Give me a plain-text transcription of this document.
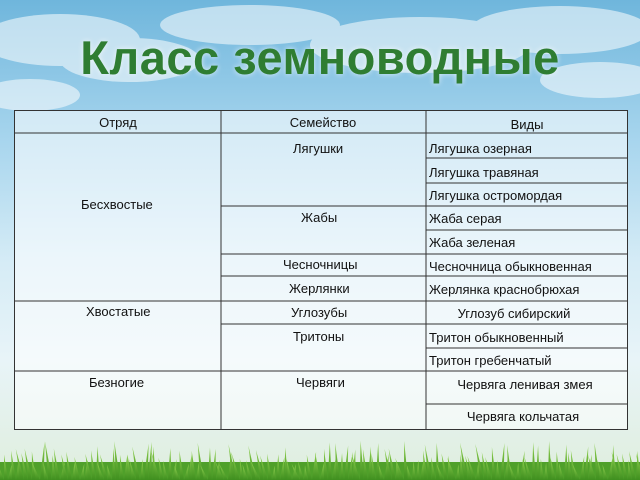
Класс земноводные
Отряд	Семейство	Виды
Бесхвостые
Хвостатые
Безногие
Лягушки
Жабы
Чесночницы
Жерлянки
Углозубы
Тритоны
Червяги
Лягушка озерная
Лягушка травяная
Лягушка остромордая
Жаба серая
Жаба зеленая
Чесночница обыкновенная
Жерлянка краснобрюхая
Углозуб сибирский
Тритон обыкновенный
Тритон гребенчатый
Червяга ленивая змея
Червяга кольчатая
